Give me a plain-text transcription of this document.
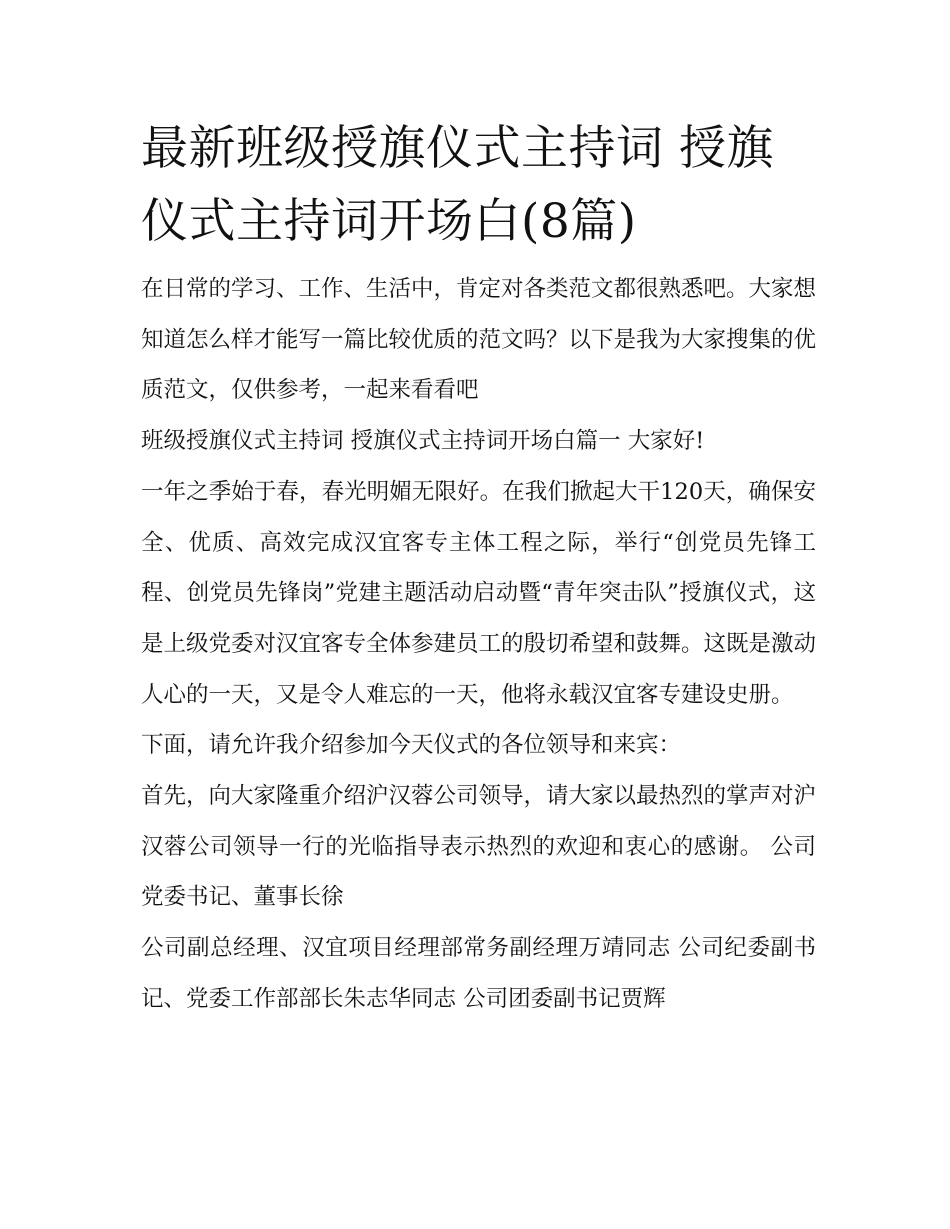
最新班级授旗仪式主持词 授旗仪式主持词开场白(8篇)

在日常的学习、工作、生活中，肯定对各类范文都很熟悉吧。大家想知道怎么样才能写一篇比较优质的范文吗？以下是我为大家搜集的优质范文，仅供参考，一起来看看吧

班级授旗仪式主持词 授旗仪式主持词开场白篇一 大家好!

一年之季始于春，春光明媚无限好。在我们掀起大干120天，确保安全、优质、高效完成汉宜客专主体工程之际，举行“创党员先锋工程、创党员先锋岗”党建主题活动启动暨“青年突击队”授旗仪式，这是上级党委对汉宜客专全体参建员工的殷切希望和鼓舞。这既是激动人心的一天，又是令人难忘的一天，他将永载汉宜客专建设史册。

下面，请允许我介绍参加今天仪式的各位领导和来宾：

首先，向大家隆重介绍沪汉蓉公司领导，请大家以最热烈的掌声对沪汉蓉公司领导一行的光临指导表示热烈的欢迎和衷心的感谢。 公司党委书记、董事长徐

公司副总经理、汉宜项目经理部常务副经理万靖同志 公司纪委副书记、党委工作部部长朱志华同志 公司团委副书记贾辉
